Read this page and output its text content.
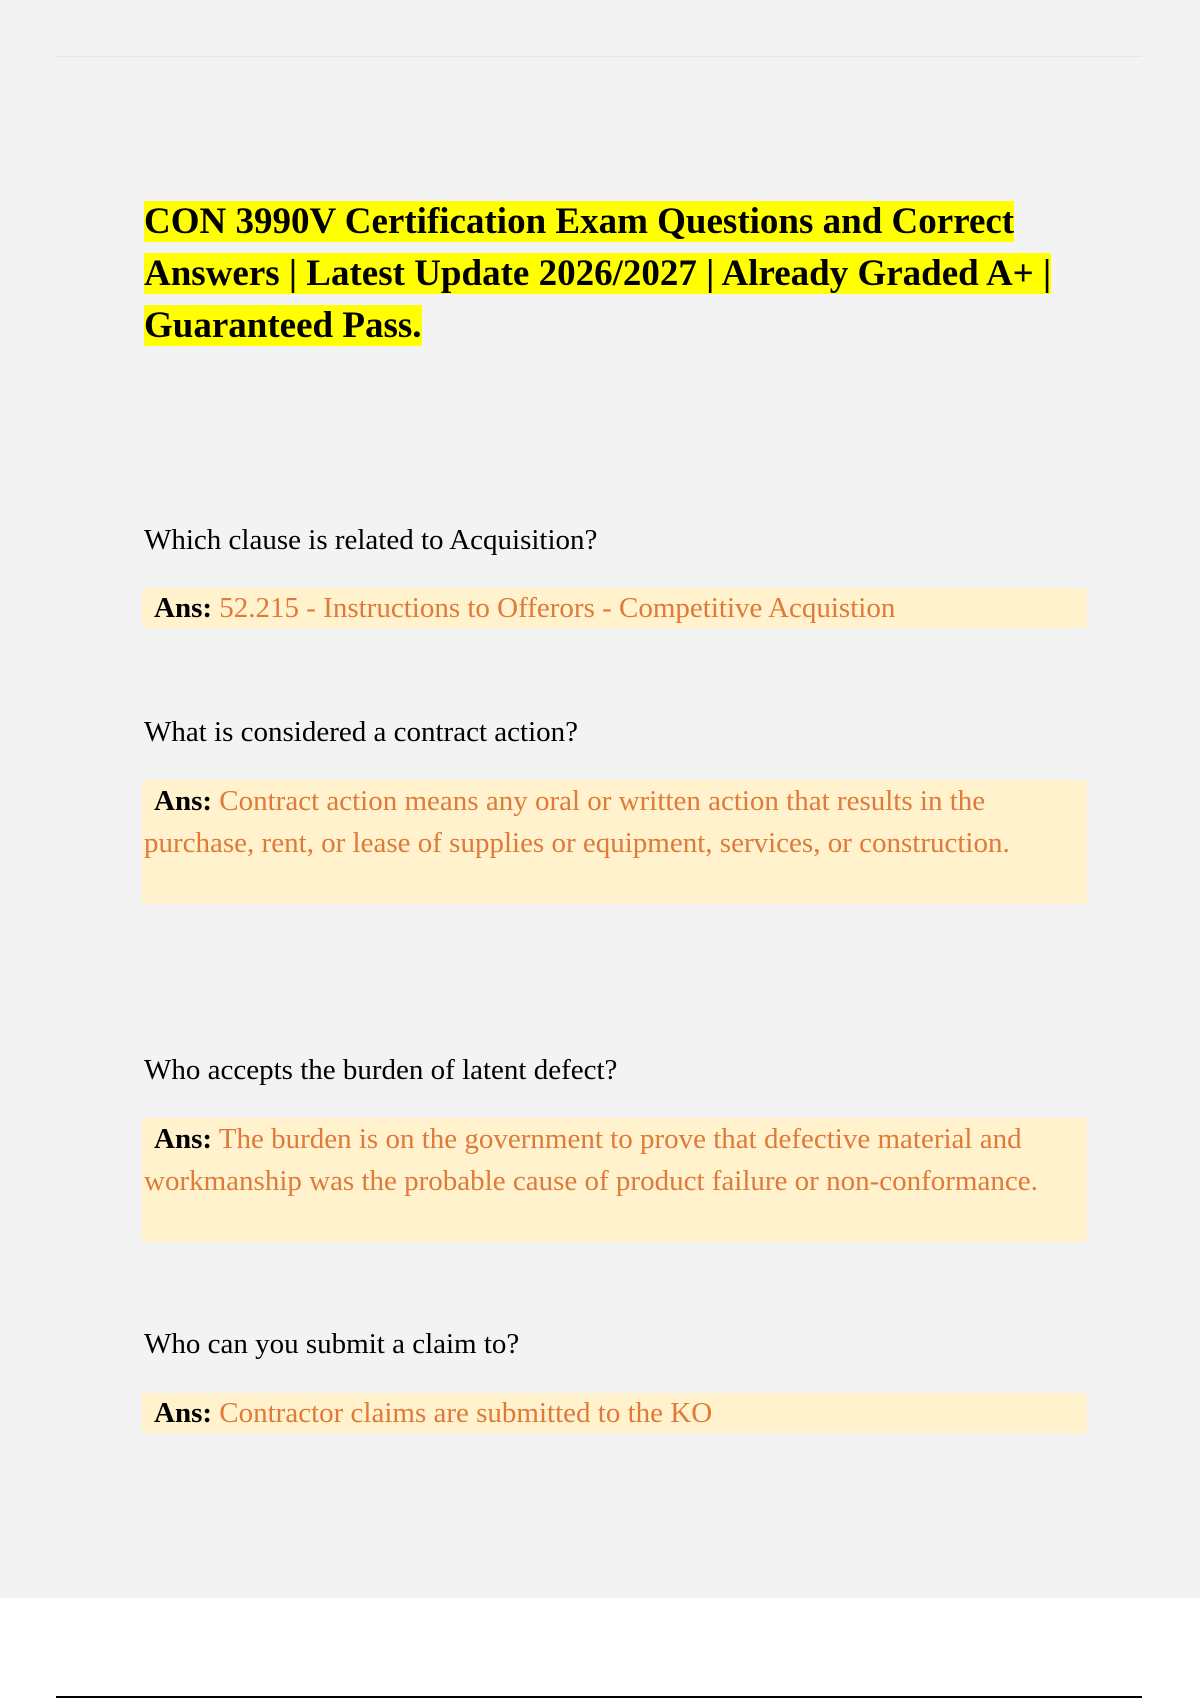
CON 3990V Certification Exam Questions and Correct Answers | Latest Update 2026/2027 | Already Graded A+ | Guaranteed Pass.

Which clause is related to Acquisition?

Ans: 52.215 - Instructions to Offerors - Competitive Acquistion

What is considered a contract action?

Ans: Contract action means any oral or written action that results in the purchase, rent, or lease of supplies or equipment, services, or construction.

Who accepts the burden of latent defect?

Ans: The burden is on the government to prove that defective material and workmanship was the probable cause of product failure or non-conformance.

Who can you submit a claim to?

Ans: Contractor claims are submitted to the KO
